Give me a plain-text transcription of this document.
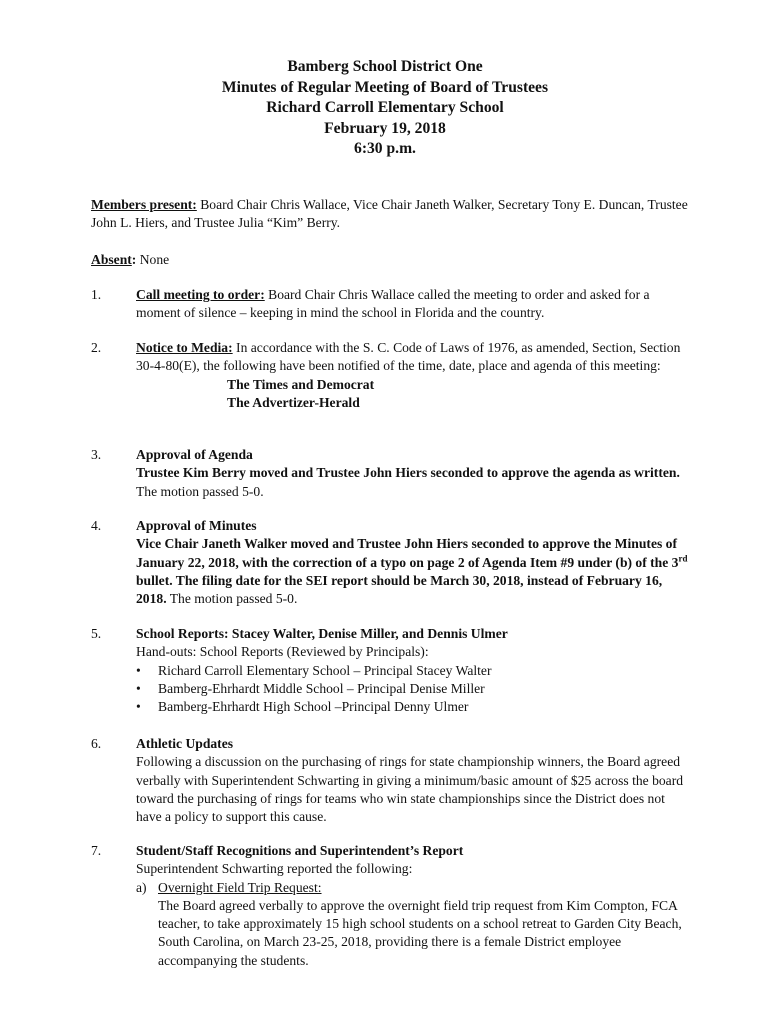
Bamberg School District One
Minutes of Regular Meeting of Board of Trustees
Richard Carroll Elementary School
February 19, 2018
6:30 p.m.
Members present: Board Chair Chris Wallace, Vice Chair Janeth Walker, Secretary Tony E. Duncan, Trustee John L. Hiers, and Trustee Julia “Kim” Berry.
Absent: None
1.	Call meeting to order: Board Chair Chris Wallace called the meeting to order and asked for a moment of silence – keeping in mind the school in Florida and the country.
2.	Notice to Media: In accordance with the S. C. Code of Laws of 1976, as amended, Section, Section 30-4-80(E), the following have been notified of the time, date, place and agenda of this meeting:
The Times and Democrat
The Advertizer-Herald
3.	Approval of Agenda
Trustee Kim Berry moved and Trustee John Hiers seconded to approve the agenda as written. The motion passed 5-0.
4.	Approval of Minutes
Vice Chair Janeth Walker moved and Trustee John Hiers seconded to approve the Minutes of January 22, 2018, with the correction of a typo on page 2 of Agenda Item #9 under (b) of the 3rd bullet. The filing date for the SEI report should be March 30, 2018, instead of February 16, 2018. The motion passed 5-0.
5.	School Reports: Stacey Walter, Denise Miller, and Dennis Ulmer
Hand-outs: School Reports (Reviewed by Principals):
• Richard Carroll Elementary School – Principal Stacey Walter
• Bamberg-Ehrhardt Middle School – Principal Denise Miller
• Bamberg-Ehrhardt High School –Principal Denny Ulmer
6.	Athletic Updates
Following a discussion on the purchasing of rings for state championship winners, the Board agreed verbally with Superintendent Schwarting in giving a minimum/basic amount of $25 across the board toward the purchasing of rings for teams who win state championships since the District does not have a policy to support this cause.
7.	Student/Staff Recognitions and Superintendent’s Report
Superintendent Schwarting reported the following:
a) Overnight Field Trip Request:
The Board agreed verbally to approve the overnight field trip request from Kim Compton, FCA teacher, to take approximately 15 high school students on a school retreat to Garden City Beach, South Carolina, on March 23-25, 2018, providing there is a female District employee accompanying the students.
